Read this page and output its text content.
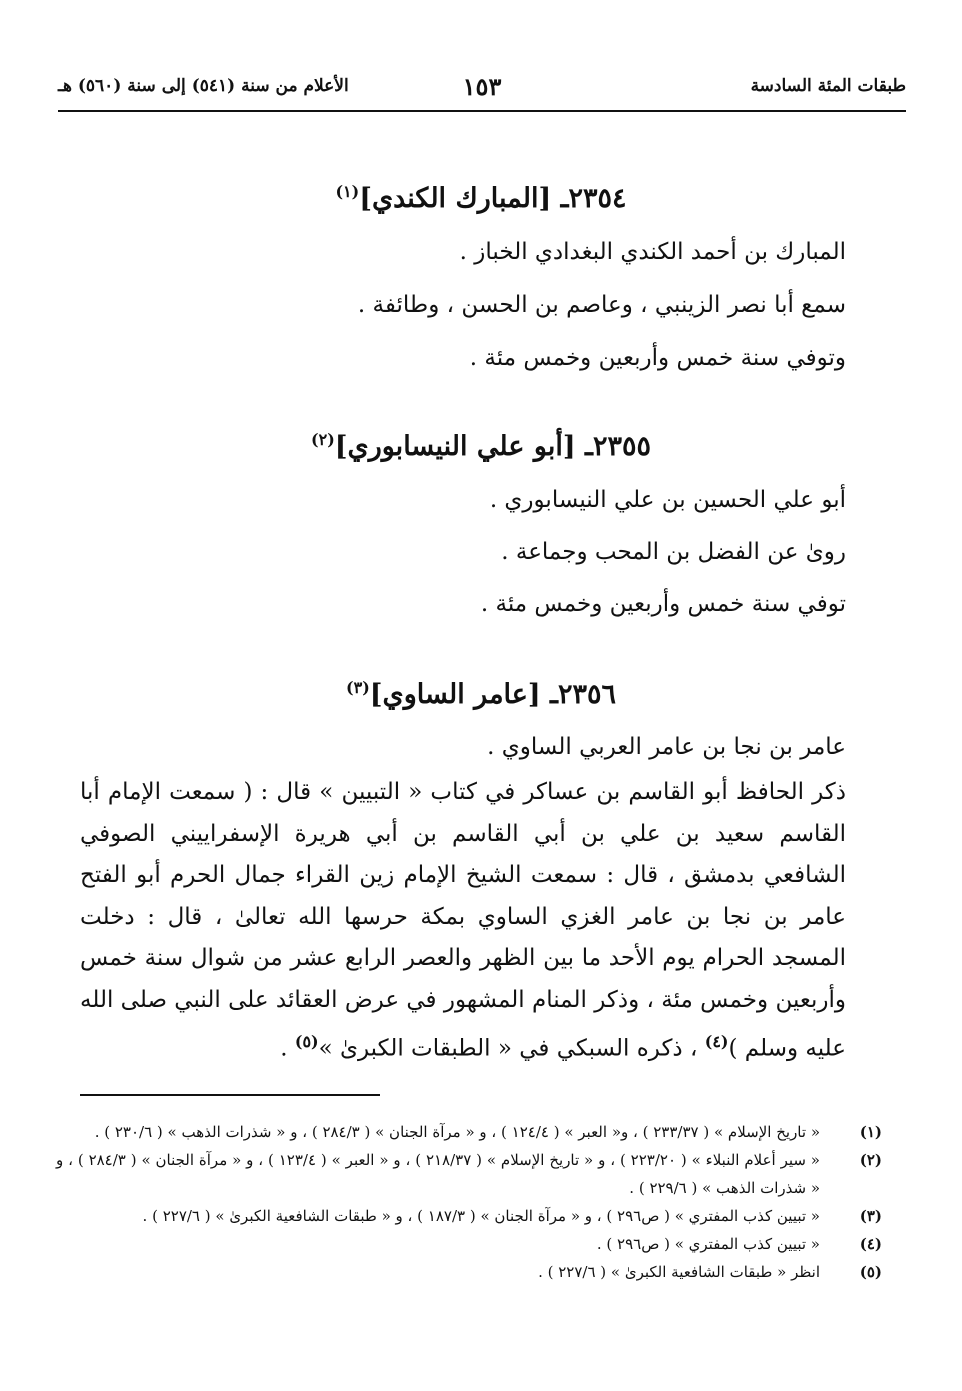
طبقات المئة السادسة
١٥٣
الأعلام من سنة (٥٤١) إلى سنة (٥٦٠) هـ
٢٣٥٤ـ [المبارك الكندي]$^{(١)}$
المبارك بن أحمد الكندي البغدادي الخباز .
سمع أبا نصر الزينبي ، وعاصم بن الحسن ، وطائفة .
وتوفي سنة خمس وأربعين وخمس مئة .
٢٣٥٥ـ [أبو علي النيسابوري]$^{(٢)}$
أبو علي الحسين بن علي النيسابوري .
روىٰ عن الفضل بن المحب وجماعة .
توفي سنة خمس وأربعين وخمس مئة .
٢٣٥٦ـ [عامر الساوي]$^{(٣)}$
عامر بن نجا بن عامر العربي الساوي .
ذكر الحافظ أبو القاسم بن عساكر في كتاب « التبيين » قال : ( سمعت الإمام أبا القاسم سعيد بن علي بن أبي القاسم بن أبي هريرة الإسفراييني الصوفي الشافعي بدمشق ، قال : سمعت الشيخ الإمام زين القراء جمال الحرم أبو الفتح عامر بن نجا بن عامر الغزي الساوي بمكة حرسها الله تعالىٰ ، قال : دخلت المسجد الحرام يوم الأحد ما بين الظهر والعصر الرابع عشر من شوال سنة خمس وأربعين وخمس مئة ، وذكر المنام المشهور في عرض العقائد على النبي صلى الله عليه وسلم )$^{(٤)}$ ، ذكره السبكي في « الطبقات الكبرىٰ »$^{(٥)}$ .
(١)
« تاريخ الإسلام » ( ٢٣٣/٣٧ ) ، و« العبر » ( ١٢٤/٤ ) ، و « مرآة الجنان » ( ٢٨٤/٣ ) ، و « شذرات الذهب » ( ٢٣٠/٦ ) .
(٢)
« سير أعلام النبلاء » ( ٢٢٣/٢٠ ) ، و « تاريخ الإسلام » ( ٢١٨/٣٧ ) ، و « العبر » ( ١٢٣/٤ ) ، و « مرآة الجنان » ( ٢٨٤/٣ ) ، و « شذرات الذهب » ( ٢٢٩/٦ ) .
(٣)
« تبيين كذب المفتري » ( ص٢٩٦ ) ، و « مرآة الجنان » ( ١٨٧/٣ ) ، و « طبقات الشافعية الكبرىٰ » ( ٢٢٧/٦ ) .
(٤)
« تبيين كذب المفتري » ( ص٢٩٦ ) .
(٥)
انظر « طبقات الشافعية الكبرىٰ » ( ٢٢٧/٦ ) .
